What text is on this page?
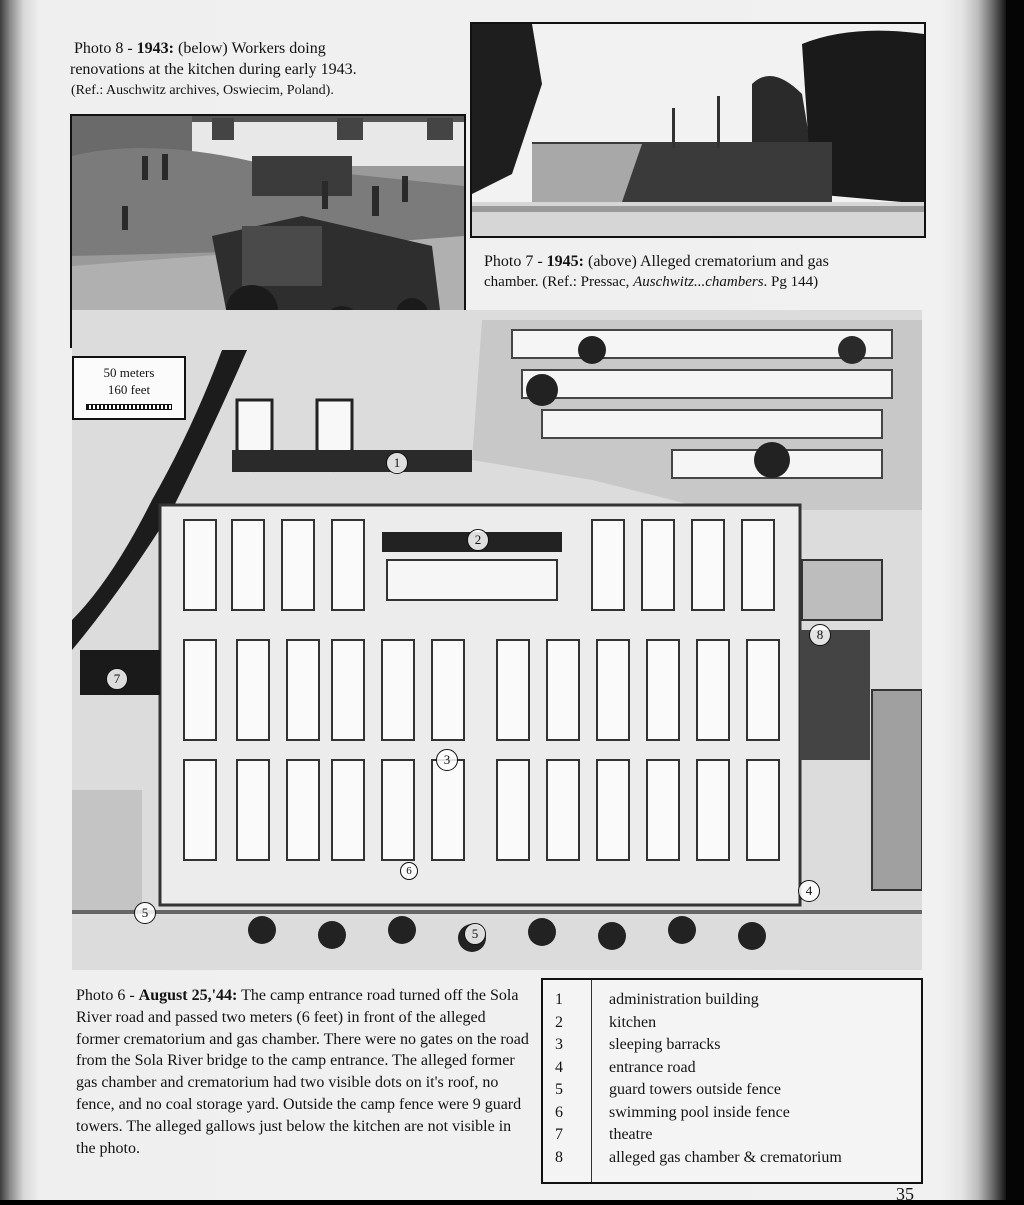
Photo 8 - 1943: (below) Workers doing
renovations at the kitchen during early 1943.
(Ref.: Auschwitz archives, Oswiecim, Poland).
Photo 7 - 1945: (above) Alleged crematorium and gas
chamber. (Ref.: Pressac, Auschwitz...chambers. Pg 144)
1
2
3
4
5
5
6
7
8
50 meters
160 feet
Photo 6 - August 25,'44: The camp entrance road turned off the Sola River road and passed two meters (6 feet) in front of the alleged former crematorium and gas chamber. There were no gates on the road from the Sola River bridge to the camp entrance. The alleged former gas chamber and crematorium had two visible dots on it's roof, no fence, and no coal storage yard. Outside the camp fence were 9 guard towers. The alleged gallows just below the kitchen are not visible in the photo.
1	administration building
2	kitchen
3	sleeping barracks
4	entrance road
5	guard towers outside fence
6	swimming pool inside fence
7	theatre
8	alleged gas chamber & crematorium
35
